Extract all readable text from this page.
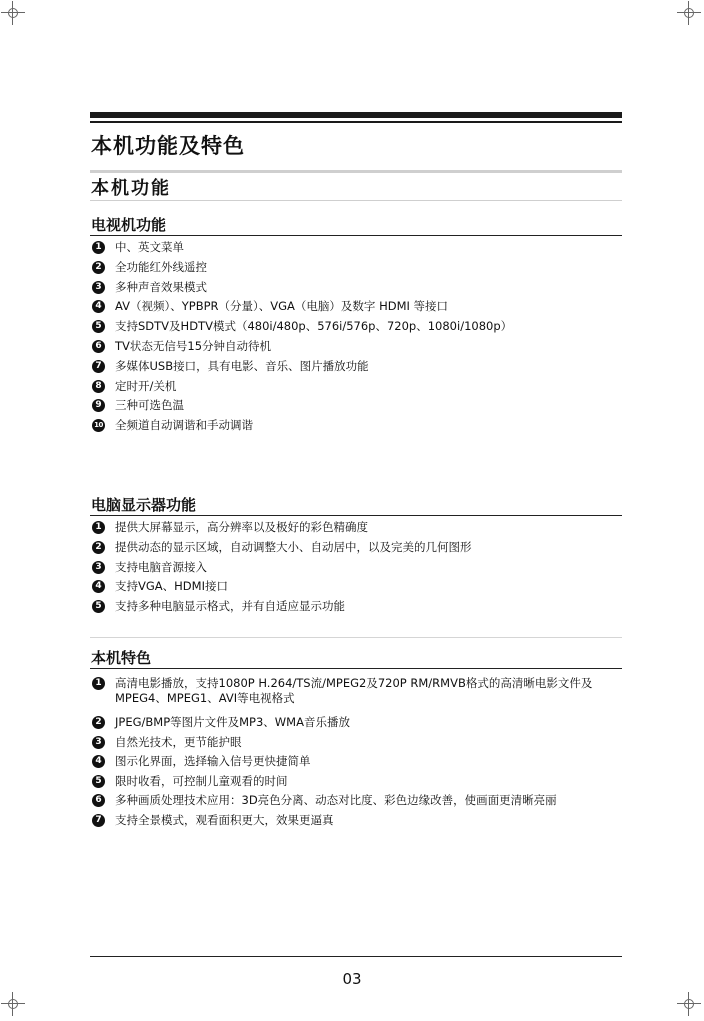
本机功能及特色
本机功能
电视机功能
1 中、英文菜单
2 全功能红外线遥控
3 多种声音效果模式
4 AV（视频）、YPBPR（分量）、VGA（电脑）及数字 HDMI 等接口
5 支持SDTV及HDTV模式（480i/480p、576i/576p、720p、1080i/1080p）
6 TV状态无信号15分钟自动待机
7 多媒体USB接口，具有电影、音乐、图片播放功能
8 定时开/关机
9 三种可选色温
10 全频道自动调谐和手动调谐
电脑显示器功能
1 提供大屏幕显示，高分辨率以及极好的彩色精确度
2 提供动态的显示区域，自动调整大小、自动居中，以及完美的几何图形
3 支持电脑音源接入
4 支持VGA、HDMI接口
5 支持多种电脑显示格式，并有自适应显示功能
本机特色
1 高清电影播放，支持1080P H.264/TS流/MPEG2及720P RM/RMVB格式的高清晰电影文件及
MPEG4、MPEG1、AVI等电视格式
2 JPEG/BMP等图片文件及MP3、WMA音乐播放
3 自然光技术，更节能护眼
4 图示化界面，选择输入信号更快捷简单
5 限时收看，可控制儿童观看的时间
6 多种画质处理技术应用：3D亮色分离、动态对比度、彩色边缘改善，使画面更清晰亮丽
7 支持全景模式，观看面积更大，效果更逼真
03
